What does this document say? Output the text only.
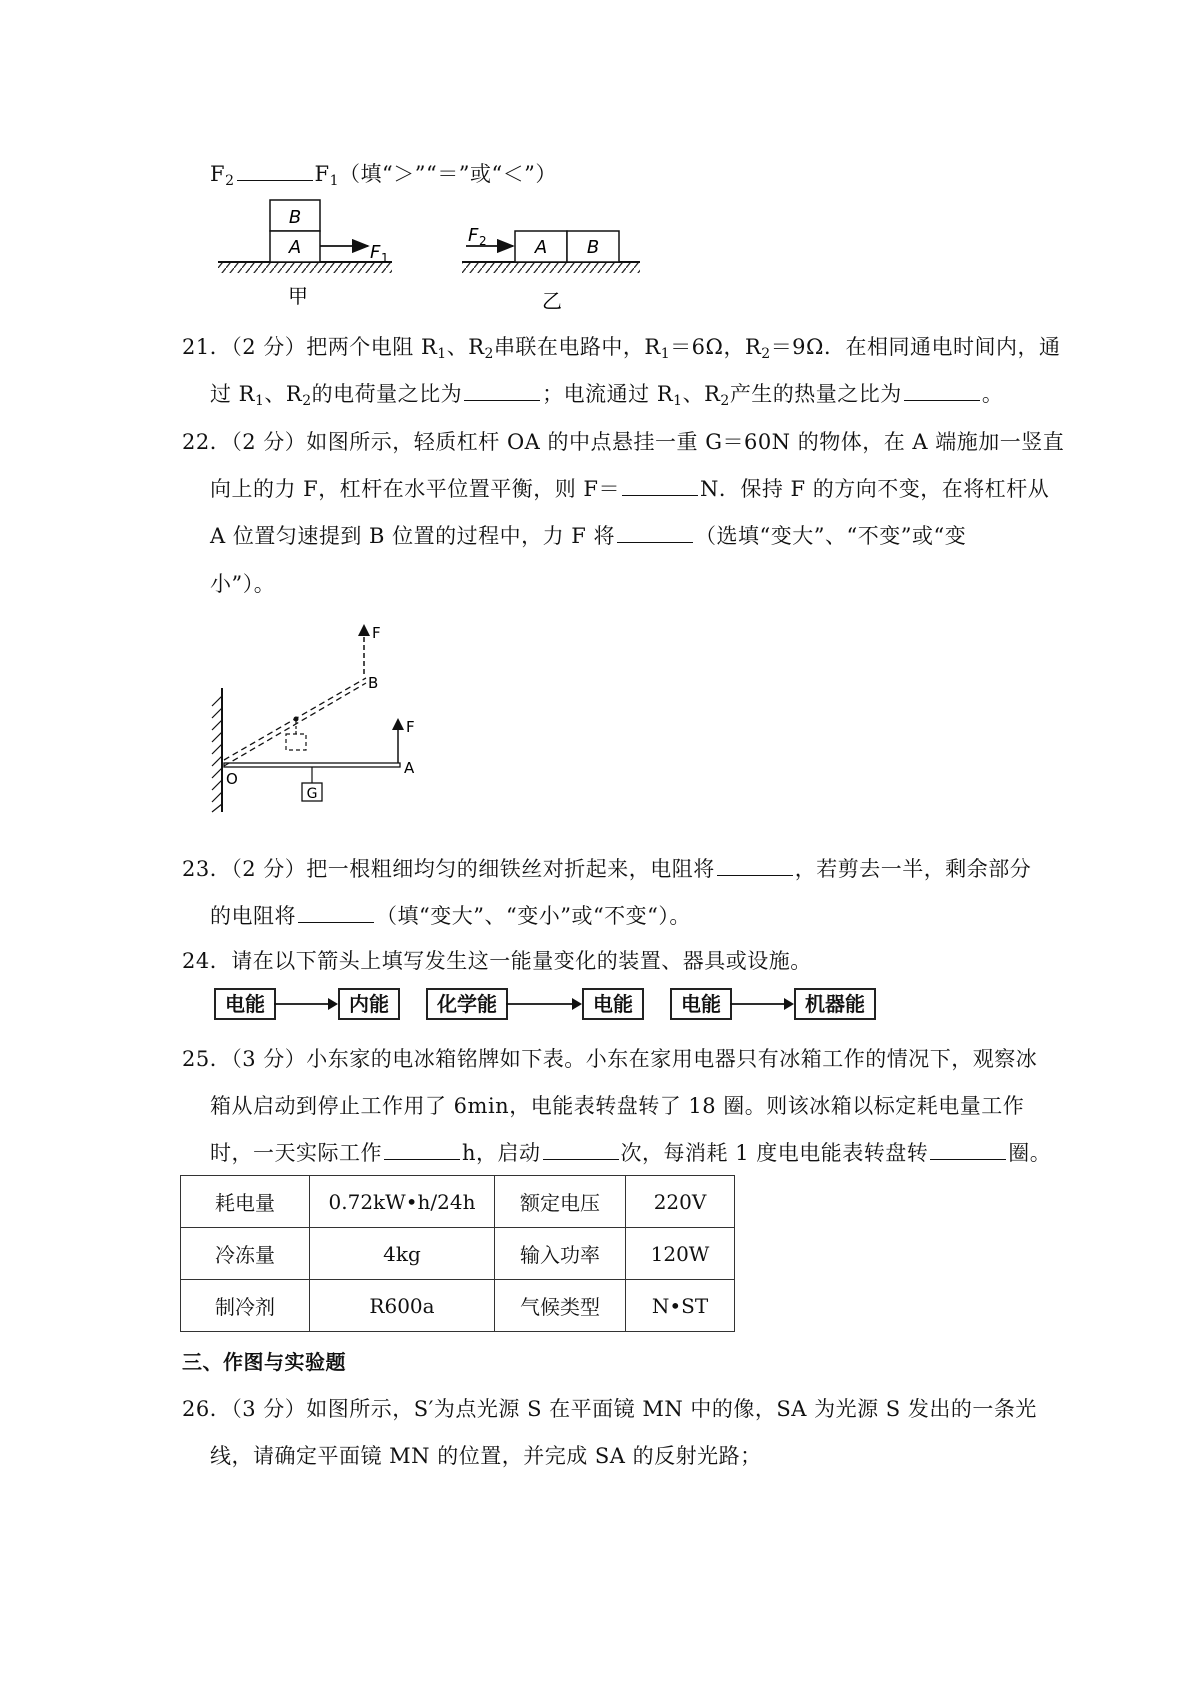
$F_2$	$F_1$（填“＞”“＝”或“＜”）
B
A	F 1
甲
A B
F 2
乙
21．（2 分）把两个电阻 $R_1$、$R_2$串联在电路中，$R_1=6\Omega$，$R_2=9\Omega$．在相同通电时间内，通
过 $R_1$、$R_2$的电荷量之比为	；电流通过 $R_1$、$R_2$产生的热量之比为	。
22．（2 分）如图所示，轻质杠杆 OA 的中点悬挂一重 G＝60N 的物体，在 A 端施加一竖直
向上的力 F，杠杆在水平位置平衡，则 F＝	N．保持 F 的方向不变，在将杠杆从
A 位置匀速提到 B 位置的过程中，力 F 将	（选填“变大”、“不变”或“变
小”）。
G
F
F
O
A
B
23．（2 分）把一根粗细均匀的细铁丝对折起来，电阻将	，若剪去一半，剩余部分
的电阻将	（填“变大”、“变小”或“不变“）。
24．请在以下箭头上填写发生这一能量变化的装置、器具或设施。
电能	内能	化学能	电能	电能	机器能
25．（3 分）小东家的电冰箱铭牌如下表。小东在家用电器只有冰箱工作的情况下，观察冰
箱从启动到停止工作用了 6min，电能表转盘转了 18 圈。则该冰箱以标定耗电量工作
时，一天实际工作	h，启动	次，每消耗 1 度电电能表转盘转	圈。
耗电量	0.72kW•h/24h	额定电压	220V
冷冻量	4kg	输入功率	120W
制冷剂	R600a	气候类型	N•ST
三、作图与实验题
26．（3 分）如图所示，S′为点光源 S 在平面镜 MN 中的像，SA 为光源 S 发出的一条光
线，请确定平面镜 MN 的位置，并完成 SA 的反射光路；
